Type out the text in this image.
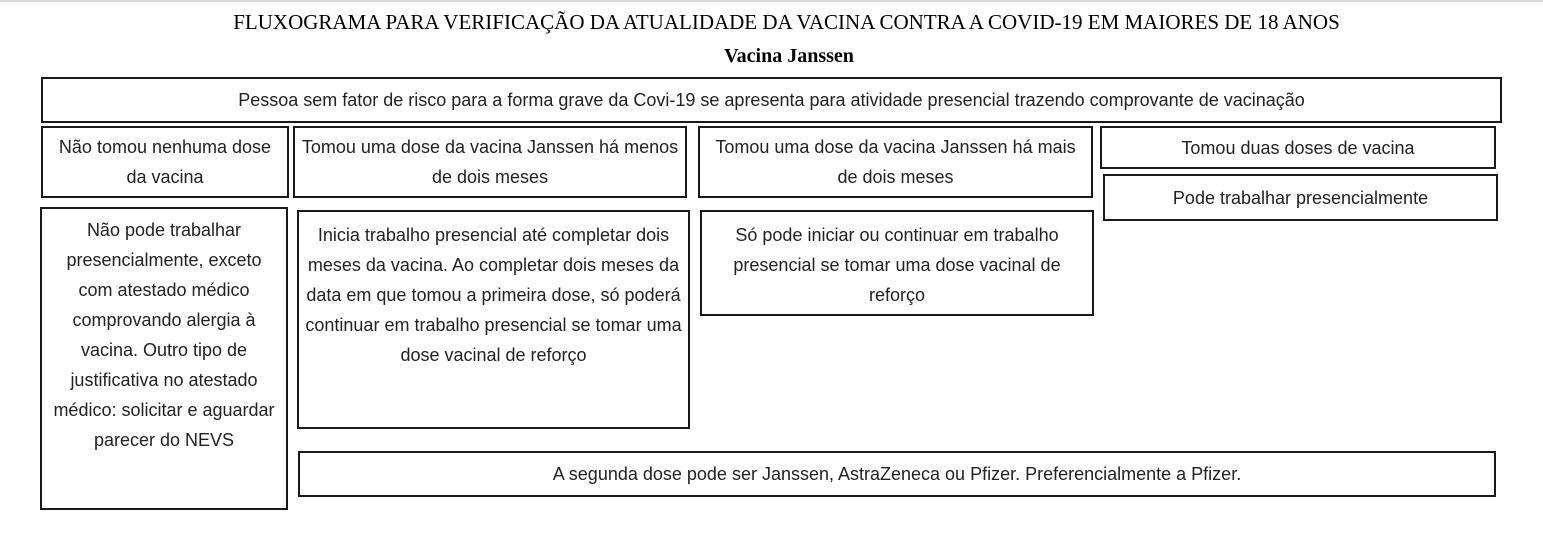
FLUXOGRAMA PARA VERIFICAÇÃO DA ATUALIDADE DA VACINA CONTRA A COVID-19 EM MAIORES DE 18 ANOS
Vacina Janssen
Pessoa sem fator de risco para a forma grave da Covi-19 se apresenta para atividade presencial trazendo comprovante de vacinação
Não tomou nenhuma dose da vacina
Tomou uma dose da vacina Janssen há menos de dois meses
Tomou uma dose da vacina Janssen há mais de dois meses
Tomou duas doses de vacina
Pode trabalhar presencialmente
Não pode trabalhar presencialmente, exceto com atestado médico comprovando alergia à vacina. Outro tipo de justificativa no atestado médico: solicitar e aguardar parecer do NEVS
Inicia trabalho presencial até completar dois meses da vacina. Ao completar dois meses da data em que tomou a primeira dose, só poderá continuar em trabalho presencial se tomar uma dose vacinal de reforço
Só pode iniciar ou continuar em trabalho presencial se tomar uma dose vacinal de reforço
A segunda dose pode ser Janssen, AstraZeneca ou Pfizer. Preferencialmente a Pfizer.
